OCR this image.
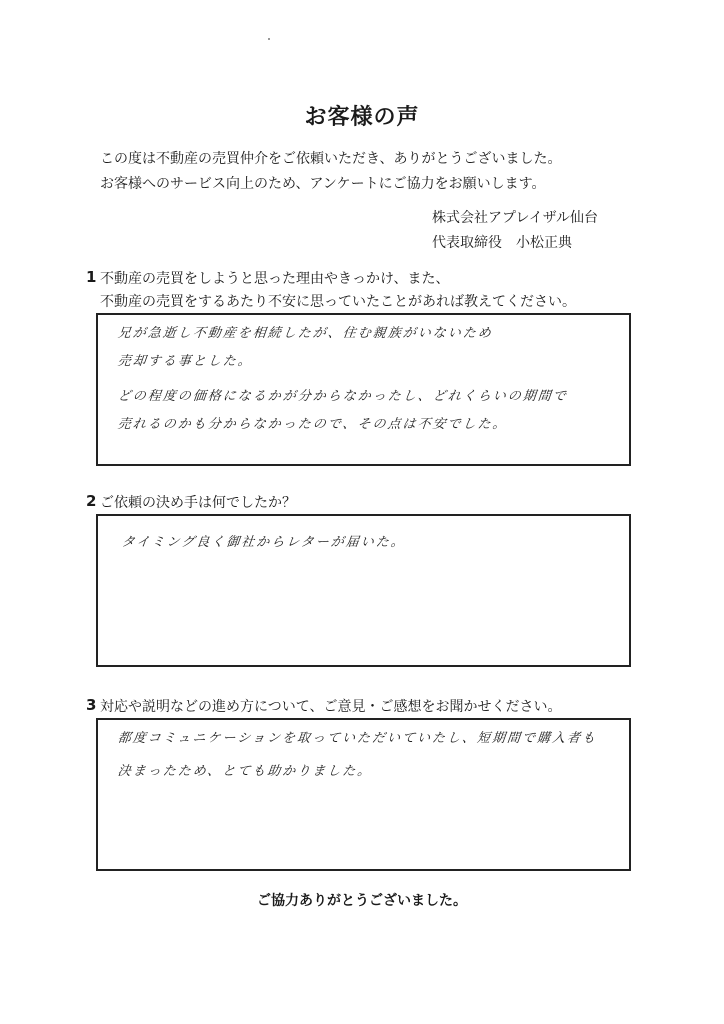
お客様の声
この度は不動産の売買仲介をご依頼いただき、ありがとうございました。
お客様へのサービス向上のため、アンケートにご協力をお願いします。
株式会社アプレイザル仙台
代表取締役　小松正典
1 不動産の売買をしようと思った理由やきっかけ、また、
不動産の売買をするあたり不安に思っていたことがあれば教えてください。
兄が急逝し不動産を相続したが、住む親族がいないため
売却する事とした。
どの程度の価格になるかが分からなかったし、どれくらいの期間で
売れるのかも分からなかったので、その点は不安でした。
2 ご依頼の決め手は何でしたか？
タイミング良く御社からレターが届いた。
3 対応や説明などの進め方について、ご意見・ご感想をお聞かせください。
都度コミュニケーションを取っていただいていたし、短期間で購入者も
決まったため、とても助かりました。
ご協力ありがとうございました。
